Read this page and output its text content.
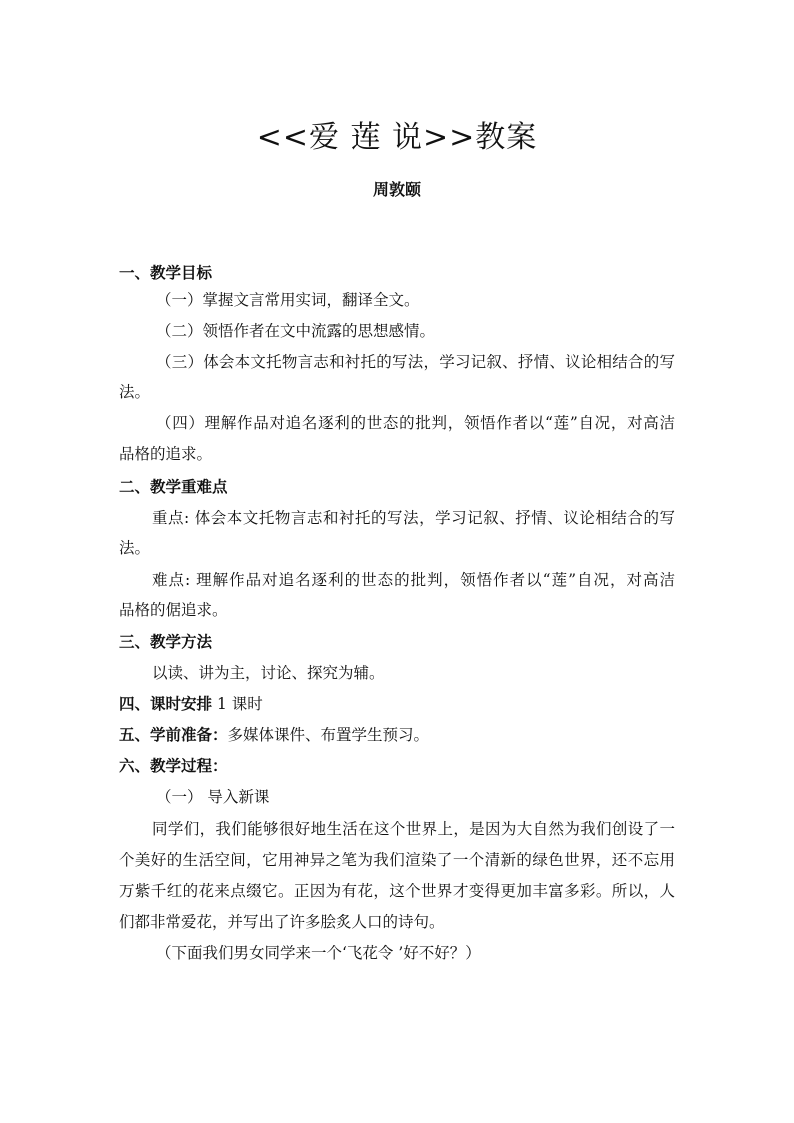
<<爱 莲 说>>教案
周敦颐
一、教学目标
（一）掌握文言常用实词，翻译全文。
（二）领悟作者在文中流露的思想感情。
（三）体会本文托物言志和衬托的写法，学习记叙、抒情、议论相结合的写
法。
（四）理解作品对追名逐利的世态的批判，领悟作者以“莲”自况，对高洁
品格的追求。
二、教学重难点
重点: 体会本文托物言志和衬托的写法，学习记叙、抒情、议论相结合的写
法。
难点: 理解作品对追名逐利的世态的批判，领悟作者以“莲”自况，对高洁
品格的倨追求。
三、教学方法
以读、讲为主，讨论、探究为辅。
四、课时安排 1 课时
五、学前准备：多媒体课件、布置学生预习。
六、教学过程：
（一） 导入新课
同学们，我们能够很好地生活在这个世界上，是因为大自然为我们创设了一
个美好的生活空间，它用神异之笔为我们渲染了一个清新的绿色世界，还不忘用
万紫千红的花来点缀它。正因为有花，这个世界才变得更加丰富多彩。所以，人
们都非常爱花，并写出了许多脍炙人口的诗句。
（下面我们男女同学来一个‘飞花令 ’好不好？）
